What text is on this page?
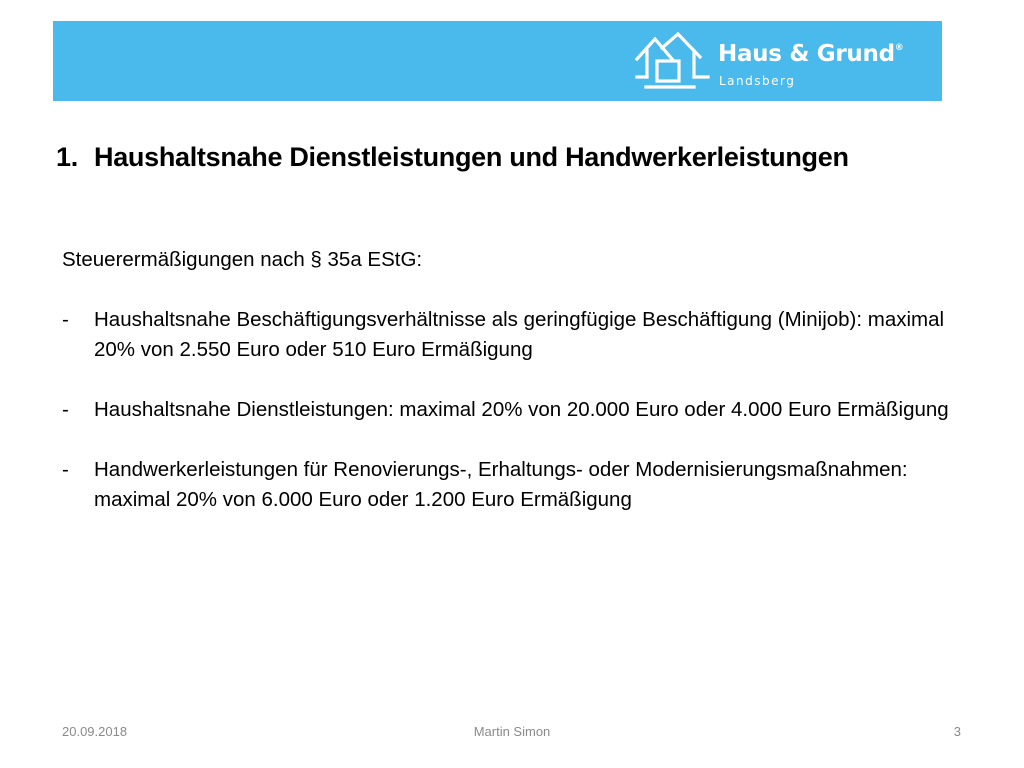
Haus & Grund®
Landsberg
1. Haushaltsnahe Dienstleistungen und Handwerkerleistungen

Steuerermäßigungen nach § 35a EStG:

- Haushaltsnahe Beschäftigungsverhältnisse als geringfügige Beschäftigung (Minijob): maximal 20% von 2.550 Euro oder 510 Euro Ermäßigung
- Haushaltsnahe Dienstleistungen: maximal 20% von 20.000 Euro oder 4.000 Euro Ermäßigung
- Handwerkerleistungen für Renovierungs-, Erhaltungs- oder Modernisierungsmaßnahmen: maximal 20% von 6.000 Euro oder 1.200 Euro Ermäßigung
20.09.2018	Martin Simon	3
